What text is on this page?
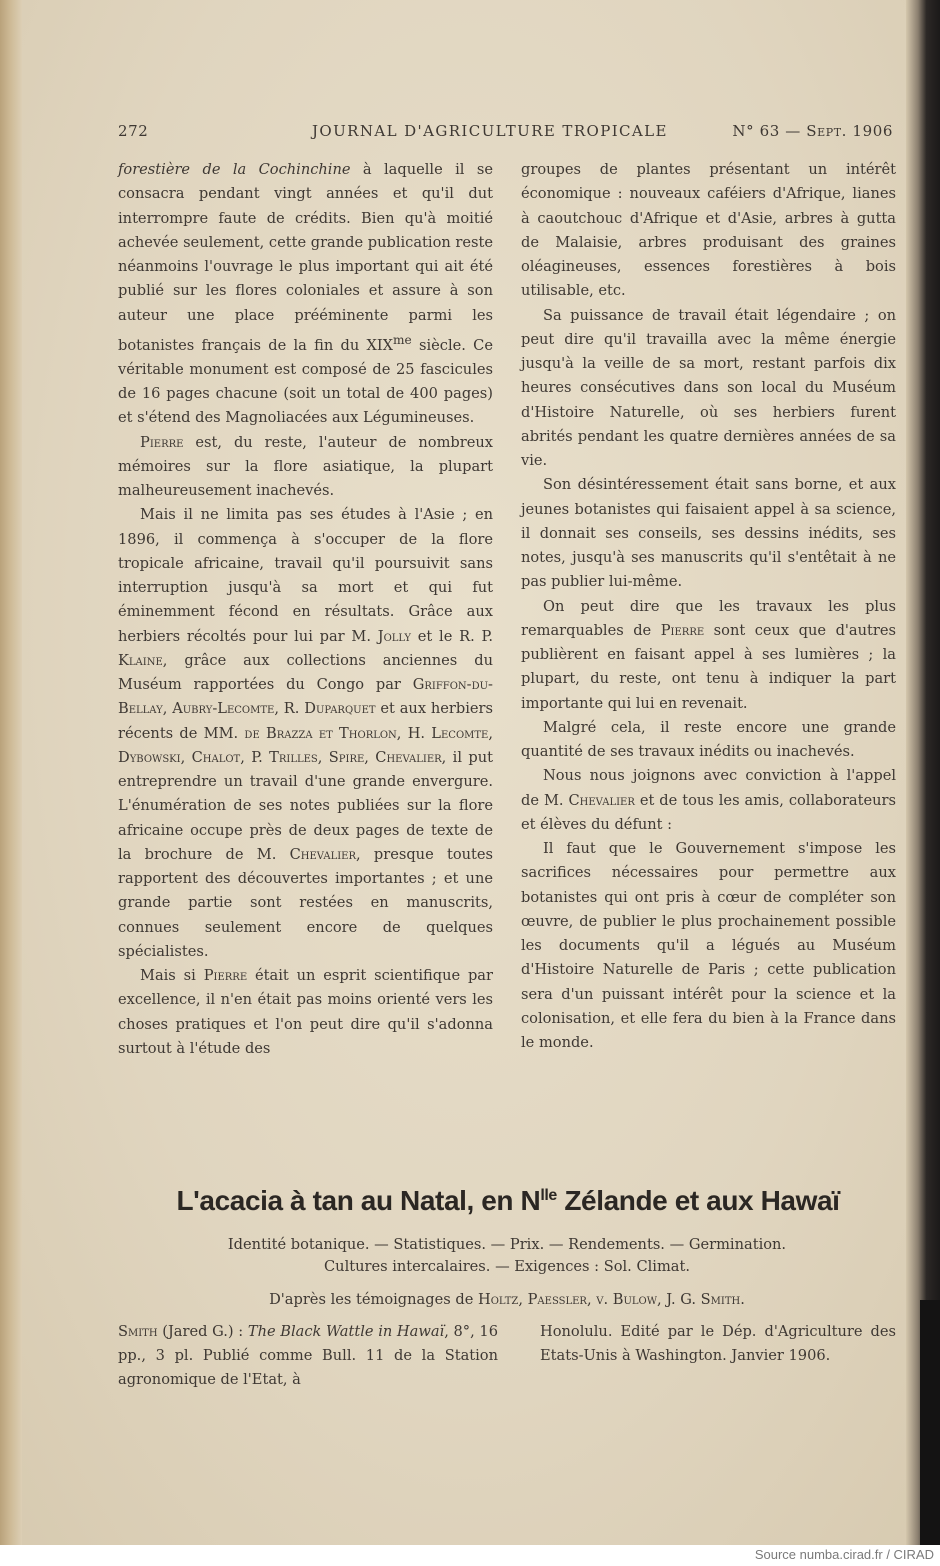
272	JOURNAL D'AGRICULTURE TROPICALE	N° 63 — Sept. 1906

forestière de la Cochinchine à laquelle il se consacra pendant vingt années et qu'il dut interrompre faute de crédits. Bien qu'à moitié achevée seulement, cette grande publication reste néanmoins l'ouvrage le plus important qui ait été publié sur les flores coloniales et assure à son auteur une place prééminente parmi les botanistes français de la fin du $XIX^{me}$ siècle. Ce véritable monument est composé de 25 fascicules de 16 pages chacune (soit un total de 400 pages) et s'étend des Magnoliacées aux Légumineuses.

Pierre est, du reste, l'auteur de nombreux mémoires sur la flore asiatique, la plupart malheureusement inachevés.

Mais il ne limita pas ses études à l'Asie ; en 1896, il commença à s'occuper de la flore tropicale africaine, travail qu'il poursuivit sans interruption jusqu'à sa mort et qui fut éminemment fécond en résultats. Grâce aux herbiers récoltés pour lui par M. Jolly et le R. P. Klaine, grâce aux collections anciennes du Muséum rapportées du Congo par Griffon-du-Bellay, Aubry-Lecomte, R. Duparquet et aux herbiers récents de MM. de Brazza et Thorlon, H. Lecomte, Dybowski, Chalot, P. Trilles, Spire, Chevalier, il put entreprendre un travail d'une grande envergure. L'énumération de ses notes publiées sur la flore africaine occupe près de deux pages de texte de la brochure de M. Chevalier, presque toutes rapportent des découvertes importantes ; et une grande partie sont restées en manuscrits, connues seulement encore de quelques spécialistes.

Mais si Pierre était un esprit scientifique par excellence, il n'en était pas moins orienté vers les choses pratiques et l'on peut dire qu'il s'adonna surtout à l'étude des

groupes de plantes présentant un intérêt économique : nouveaux caféiers d'Afrique, lianes à caoutchouc d'Afrique et d'Asie, arbres à gutta de Malaisie, arbres produisant des graines oléagineuses, essences forestières à bois utilisable, etc.

Sa puissance de travail était légendaire ; on peut dire qu'il travailla avec la même énergie jusqu'à la veille de sa mort, restant parfois dix heures consécutives dans son local du Muséum d'Histoire Naturelle, où ses herbiers furent abrités pendant les quatre dernières années de sa vie.

Son désintéressement était sans borne, et aux jeunes botanistes qui faisaient appel à sa science, il donnait ses conseils, ses dessins inédits, ses notes, jusqu'à ses manuscrits qu'il s'entêtait à ne pas publier lui-même.

On peut dire que les travaux les plus remarquables de Pierre sont ceux que d'autres publièrent en faisant appel à ses lumières ; la plupart, du reste, ont tenu à indiquer la part importante qui lui en revenait.

Malgré cela, il reste encore une grande quantité de ses travaux inédits ou inachevés.

Nous nous joignons avec conviction à l'appel de M. Chevalier et de tous les amis, collaborateurs et élèves du défunt :

Il faut que le Gouvernement s'impose les sacrifices nécessaires pour permettre aux botanistes qui ont pris à cœur de compléter son œuvre, de publier le plus prochainement possible les documents qu'il a légués au Muséum d'Histoire Naturelle de Paris ; cette publication sera d'un puissant intérêt pour la science et la colonisation, et elle fera du bien à la France dans le monde.

L'acacia à tan au Natal, en $N^{lle}$ Zélande et aux Hawaï
Identité botanique. — Statistiques. — Prix. — Rendements. — Germination.
Cultures intercalaires. — Exigences : Sol. Climat.
D'après les témoignages de Holtz, Paessler, v. Bulow, J. G. Smith.

Smith (Jared G.) : The Black Wattle in Hawaï, 8°, 16 pp., 3 pl. Publié comme Bull. 11 de la Station agronomique de l'Etat, à

Honolulu. Edité par le Dép. d'Agriculture des Etats-Unis à Washington. Janvier 1906.

Source numba.cirad.fr / CIRAD
